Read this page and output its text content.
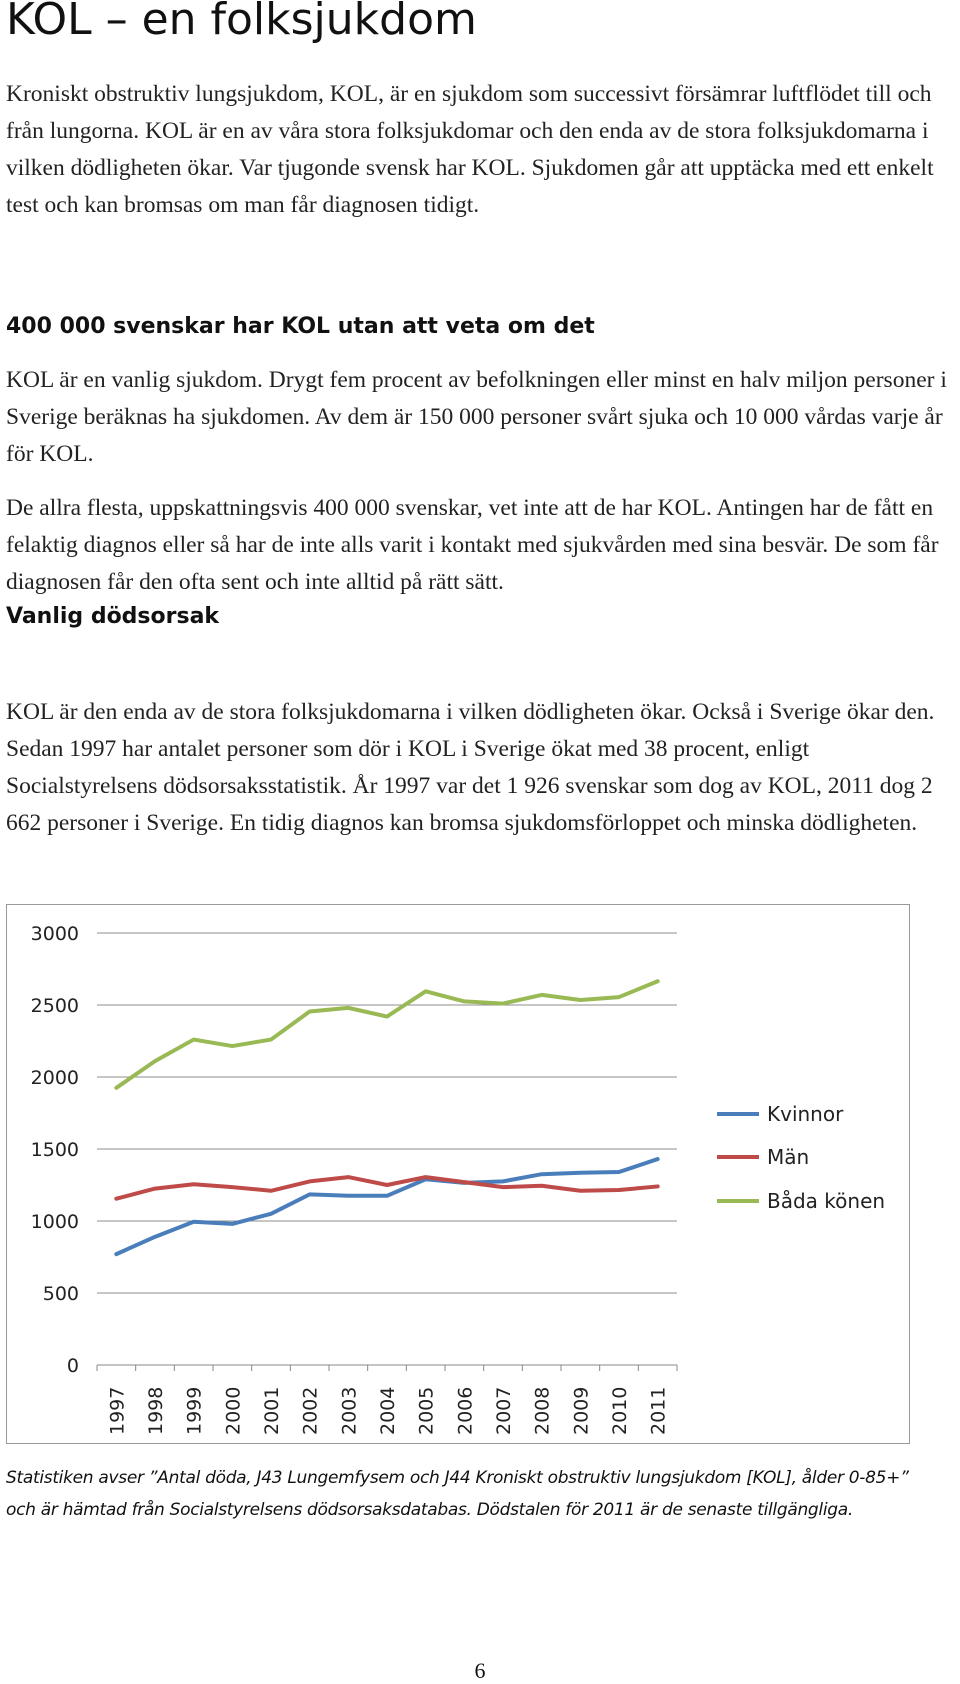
KOL – en folksjukdom

Kroniskt obstruktiv lungsjukdom, KOL, är en sjukdom som successivt försämrar luftflödet till och från lungorna. KOL är en av våra stora folksjukdomar och den enda av de stora folksjukdomarna i vilken dödligheten ökar. Var tjugonde svensk har KOL. Sjukdomen går att upptäcka med ett enkelt test och kan bromsas om man får diagnosen tidigt.

400 000 svenskar har KOL utan att veta om det

KOL är en vanlig sjukdom. Drygt fem procent av befolkningen eller minst en halv miljon personer i Sverige beräknas ha sjukdomen. Av dem är 150 000 personer svårt sjuka och 10 000 vårdas varje år för KOL.

De allra flesta, uppskattningsvis 400 000 svenskar, vet inte att de har KOL. Antingen har de fått en felaktig diagnos eller så har de inte alls varit i kontakt med sjukvården med sina besvär. De som får diagnosen får den ofta sent och inte alltid på rätt sätt.

Vanlig dödsorsak

KOL är den enda av de stora folksjukdomarna i vilken dödligheten ökar. Också i Sverige ökar den. Sedan 1997 har antalet personer som dör i KOL i Sverige ökat med 38 procent, enligt Socialstyrelsens dödsorsaksstatistik. År 1997 var det 1 926 svenskar som dog av KOL, 2011 dog 2 662 personer i Sverige. En tidig diagnos kan bromsa sjukdomsförloppet och minska dödligheten.

0
500
1000
1500
2000
2500
3000
1997 1998 1999 2000 2001 2002 2003 2004 2005 2006 2007 2008 2009 2010 2011
Kvinnor
Män
Båda könen

Statistiken avser ”Antal döda, J43 Lungemfysem och J44 Kroniskt obstruktiv lungsjukdom [KOL], ålder 0-85+”

och är hämtad från Socialstyrelsens dödsorsaksdatabas. Dödstalen för 2011 är de senaste tillgängliga.

6
